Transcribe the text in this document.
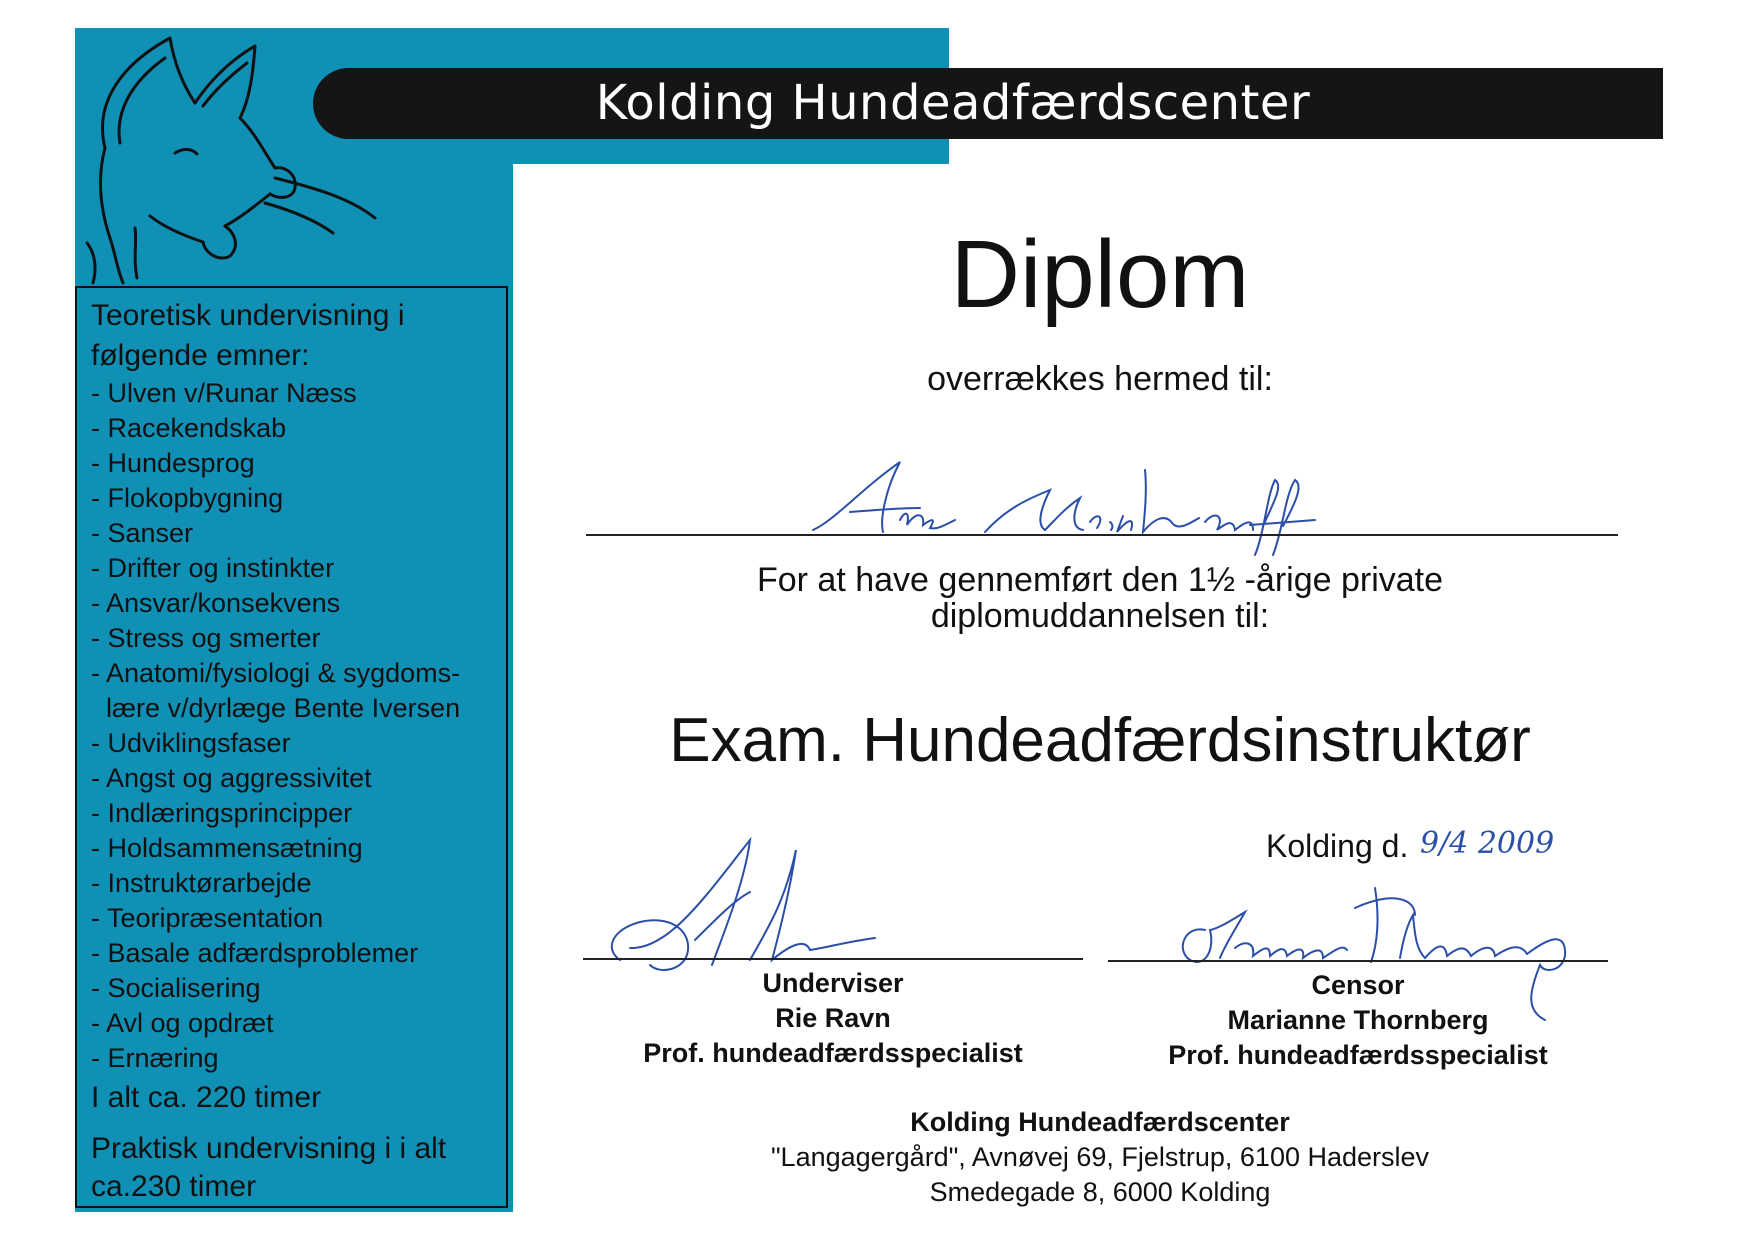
Kolding Hundeadfærdscenter
Teoretisk undervisning i følgende emner:
- Ulven v/Runar Næss
- Racekendskab
- Hundesprog
- Flokopbygning
- Sanser
- Drifter og instinkter
- Ansvar/konsekvens
- Stress og smerter
- Anatomi/fysiologi & sygdoms-
lære v/dyrlæge Bente Iversen
- Udviklingsfaser
- Angst og aggressivitet
- Indlæringsprincipper
- Holdsammensætning
- Instruktørarbejde
- Teoripræsentation
- Basale adfærdsproblemer
- Socialisering
- Avl og opdræt
- Ernæring
I alt ca. 220 timer
Praktisk undervisning i i alt ca.230 timer
Diplom
overrækkes hermed til:
For at have gennemført den 1½ -årige private
diplomuddannelsen til:
Exam. Hundeadfærdsinstruktør
Kolding d. 9/4 2009
Underviser
Rie Ravn
Prof. hundeadfærdsspecialist
Censor
Marianne Thornberg
Prof. hundeadfærdsspecialist
Kolding Hundeadfærdscenter
"Langagergård", Avnøvej 69, Fjelstrup, 6100 Haderslev
Smedegade 8, 6000 Kolding
